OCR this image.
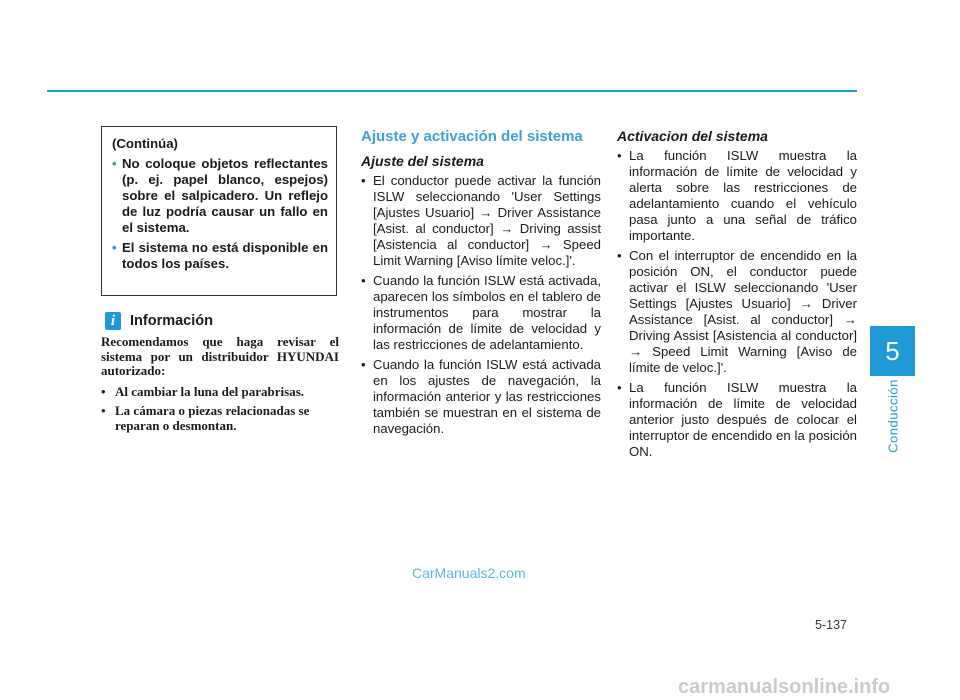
5
Conducción
(Continúa)
• No coloque objetos reflectantes (p. ej. papel blanco, espejos) sobre el salpicadero. Un reflejo de luz podría causar un fallo en el sistema.
• El sistema no está disponible en todos los países.
i	Información

Recomendamos que haga revisar el sistema por un distribuidor HYUNDAI autorizado:

• Al cambiar la luna del parabrisas.
• La cámara o piezas relacionadas se reparan o desmontan.
Ajuste y activación del sistema
Ajuste del sistema
• El conductor puede activar la función ISLW seleccionando 'User Settings [Ajustes Usuario] → Driver Assistance [Asist. al conductor] → Driving assist [Asistencia al conductor] → Speed Limit Warning [Aviso límite veloc.]'.
• Cuando la función ISLW está activada, aparecen los símbolos en el tablero de instrumentos para mostrar la información de límite de velocidad y las restricciones de adelantamiento.
• Cuando la función ISLW está activada en los ajustes de navegación, la información anterior y las restricciones también se muestran en el sistema de navegación.
Activacion del sistema
• La función ISLW muestra la información de límite de velocidad y alerta sobre las restricciones de adelantamiento cuando el vehículo pasa junto a una señal de tráfico importante.
• Con el interruptor de encendido en la posición ON, el conductor puede activar el ISLW seleccionando 'User Settings [Ajustes Usuario] → Driver Assistance [Asist. al conductor] → Driving Assist [Asistencia al conductor] → Speed Limit Warning [Aviso de límite de veloc.]'.
• La función ISLW muestra la información de límite de velocidad anterior justo después de colocar el interruptor de encendido en la posición ON.
CarManuals2.com
5-137
carmanualsonline.info
